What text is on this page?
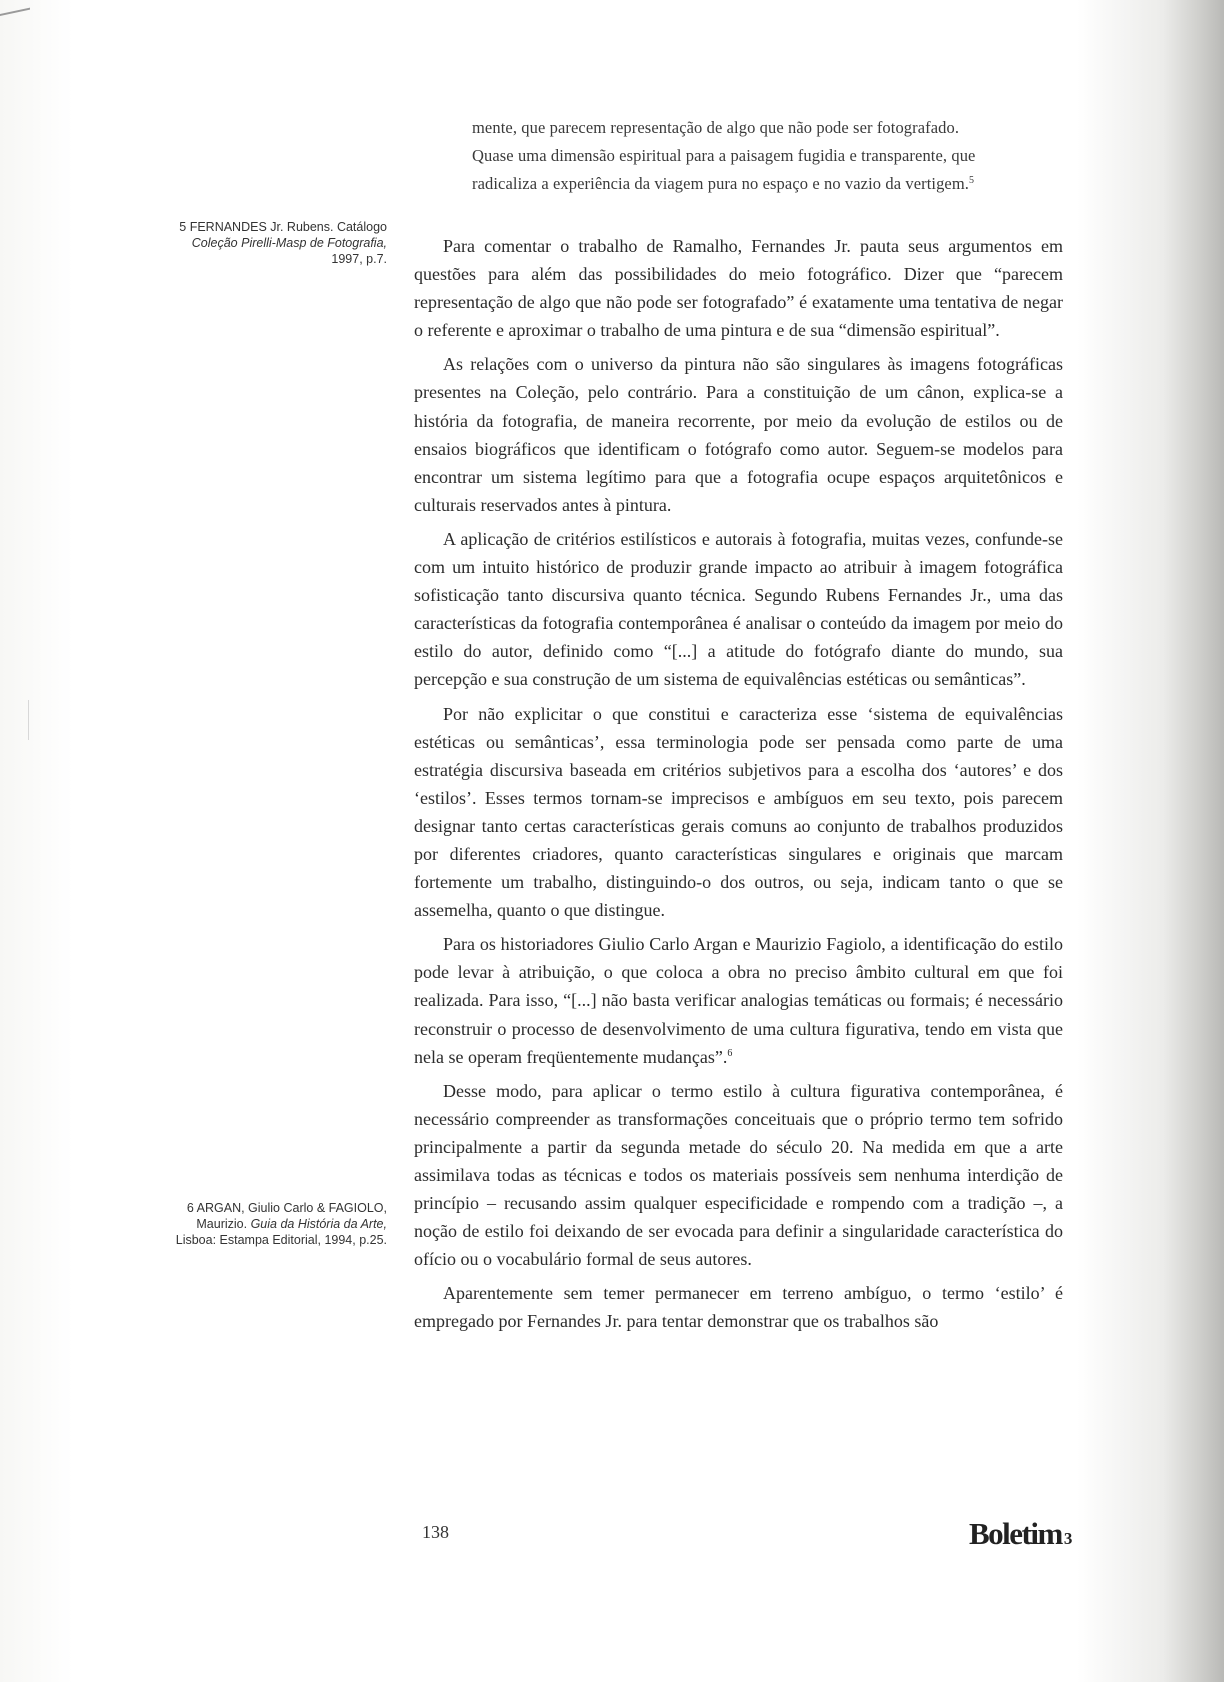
mente, que parecem representação de algo que não pode ser fotografado.

Quase uma dimensão espiritual para a paisagem fugidia e transparente, que

radicaliza a experiência da viagem pura no espaço e no vazio da vertigem.$^5$

5 FERNANDES Jr. Rubens. Catálogo
Coleção Pirelli-Masp de Fotografia,
1997, p.7.

Para comentar o trabalho de Ramalho, Fernandes Jr. pauta seus argumentos em questões para além das possibilidades do meio fotográfico. Dizer que “parecem representação de algo que não pode ser fotografado” é exatamente uma tentativa de negar o referente e aproximar o trabalho de uma pintura e de sua “dimensão espiritual”.

As relações com o universo da pintura não são singulares às imagens fotográficas presentes na Coleção, pelo contrário. Para a constituição de um cânon, explica-se a história da fotografia, de maneira recorrente, por meio da evolução de estilos ou de ensaios biográficos que identificam o fotógrafo como autor. Seguem-se modelos para encontrar um sistema legítimo para que a fotografia ocupe espaços arquitetônicos e culturais reservados antes à pintura.

A aplicação de critérios estilísticos e autorais à fotografia, muitas vezes, confunde-se com um intuito histórico de produzir grande impacto ao atribuir à imagem fotográfica sofisticação tanto discursiva quanto técnica. Segundo Rubens Fernandes Jr., uma das características da fotografia contemporânea é analisar o conteúdo da imagem por meio do estilo do autor, definido como “[...] a atitude do fotógrafo diante do mundo, sua percepção e sua construção de um sistema de equivalências estéticas ou semânticas”.

Por não explicitar o que constitui e caracteriza esse ‘sistema de equivalências estéticas ou semânticas’, essa terminologia pode ser pensada como parte de uma estratégia discursiva baseada em critérios subjetivos para a escolha dos ‘autores’ e dos ‘estilos’. Esses termos tornam-se imprecisos e ambíguos em seu texto, pois parecem designar tanto certas características gerais comuns ao conjunto de trabalhos produzidos por diferentes criadores, quanto características singulares e originais que marcam fortemente um trabalho, distinguindo-o dos outros, ou seja, indicam tanto o que se assemelha, quanto o que distingue.

Para os historiadores Giulio Carlo Argan e Maurizio Fagiolo, a identificação do estilo pode levar à atribuição, o que coloca a obra no preciso âmbito cultural em que foi realizada. Para isso, “[...] não basta verificar analogias temáticas ou formais; é necessário reconstruir o processo de desenvolvimento de uma cultura figurativa, tendo em vista que nela se operam freqüentemente mudanças”.$^6$

Desse modo, para aplicar o termo estilo à cultura figurativa contemporânea, é necessário compreender as transformações conceituais que o próprio termo tem sofrido principalmente a partir da segunda metade do século 20. Na medida em que a arte assimilava todas as técnicas e todos os materiais possíveis sem nenhuma interdição de princípio – recusando assim qualquer especificidade e rompendo com a tradição –, a noção de estilo foi deixando de ser evocada para definir a singularidade característica do ofício ou o vocabulário formal de seus autores.

Aparentemente sem temer permanecer em terreno ambíguo, o termo ‘estilo’ é empregado por Fernandes Jr. para tentar demonstrar que os trabalhos são

6 ARGAN, Giulio Carlo & FAGIOLO,
Maurizio. Guia da História da Arte,
Lisboa: Estampa Editorial, 1994, p.25.
138	Boletim 3
